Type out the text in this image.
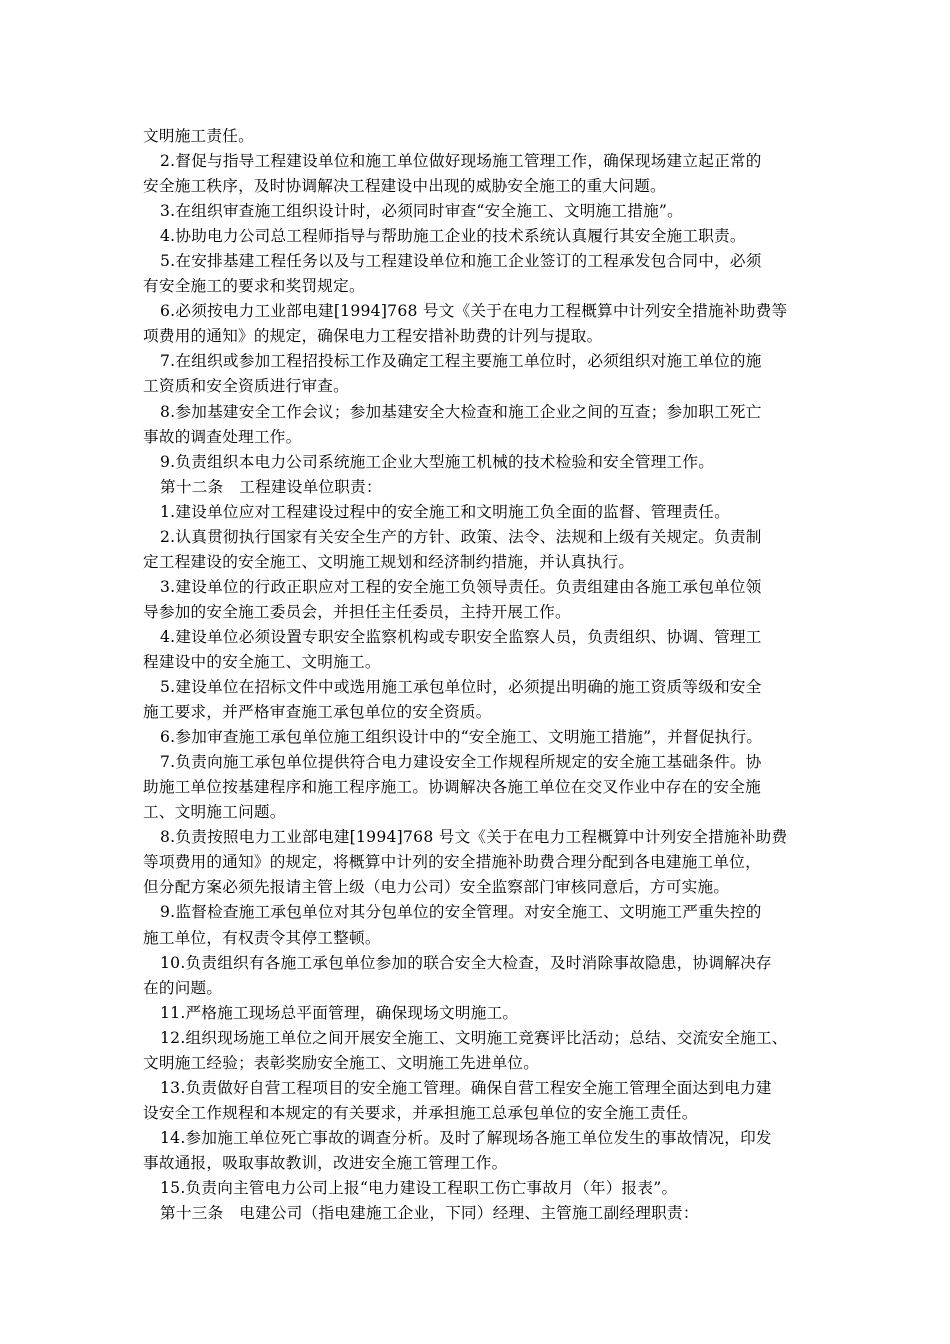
文明施工责任。
2.督促与指导工程建设单位和施工单位做好现场施工管理工作，确保现场建立起正常的
安全施工秩序，及时协调解决工程建设中出现的威胁安全施工的重大问题。
3.在组织审查施工组织设计时，必须同时审查“安全施工、文明施工措施”。
4.协助电力公司总工程师指导与帮助施工企业的技术系统认真履行其安全施工职责。
5.在安排基建工程任务以及与工程建设单位和施工企业签订的工程承发包合同中，必须
有安全施工的要求和奖罚规定。
6.必须按电力工业部电建[1994]768 号文《关于在电力工程概算中计列安全措施补助费等
项费用的通知》的规定，确保电力工程安措补助费的计列与提取。
7.在组织或参加工程招投标工作及确定工程主要施工单位时，必须组织对施工单位的施
工资质和安全资质进行审查。
8.参加基建安全工作会议；参加基建安全大检查和施工企业之间的互查；参加职工死亡
事故的调查处理工作。
9.负责组织本电力公司系统施工企业大型施工机械的技术检验和安全管理工作。
第十二条　工程建设单位职责：
1.建设单位应对工程建设过程中的安全施工和文明施工负全面的监督、管理责任。
2.认真贯彻执行国家有关安全生产的方针、政策、法令、法规和上级有关规定。负责制
定工程建设的安全施工、文明施工规划和经济制约措施，并认真执行。
3.建设单位的行政正职应对工程的安全施工负领导责任。负责组建由各施工承包单位领
导参加的安全施工委员会，并担任主任委员，主持开展工作。
4.建设单位必须设置专职安全监察机构或专职安全监察人员，负责组织、协调、管理工
程建设中的安全施工、文明施工。
5.建设单位在招标文件中或选用施工承包单位时，必须提出明确的施工资质等级和安全
施工要求，并严格审查施工承包单位的安全资质。
6.参加审查施工承包单位施工组织设计中的“安全施工、文明施工措施”，并督促执行。
7.负责向施工承包单位提供符合电力建设安全工作规程所规定的安全施工基础条件。协
助施工单位按基建程序和施工程序施工。协调解决各施工单位在交叉作业中存在的安全施
工、文明施工问题。
8.负责按照电力工业部电建[1994]768 号文《关于在电力工程概算中计列安全措施补助费
等项费用的通知》的规定，将概算中计列的安全措施补助费合理分配到各电建施工单位，
但分配方案必须先报请主管上级（电力公司）安全监察部门审核同意后，方可实施。
9.监督检查施工承包单位对其分包单位的安全管理。对安全施工、文明施工严重失控的
施工单位，有权责令其停工整顿。
10.负责组织有各施工承包单位参加的联合安全大检查，及时消除事故隐患，协调解决存
在的问题。
11.严格施工现场总平面管理，确保现场文明施工。
12.组织现场施工单位之间开展安全施工、文明施工竞赛评比活动；总结、交流安全施工、
文明施工经验；表彰奖励安全施工、文明施工先进单位。
13.负责做好自营工程项目的安全施工管理。确保自营工程安全施工管理全面达到电力建
设安全工作规程和本规定的有关要求，并承担施工总承包单位的安全施工责任。
14.参加施工单位死亡事故的调查分析。及时了解现场各施工单位发生的事故情况，印发
事故通报，吸取事故教训，改进安全施工管理工作。
15.负责向主管电力公司上报“电力建设工程职工伤亡事故月（年）报表”。
第十三条　电建公司（指电建施工企业，下同）经理、主管施工副经理职责：
